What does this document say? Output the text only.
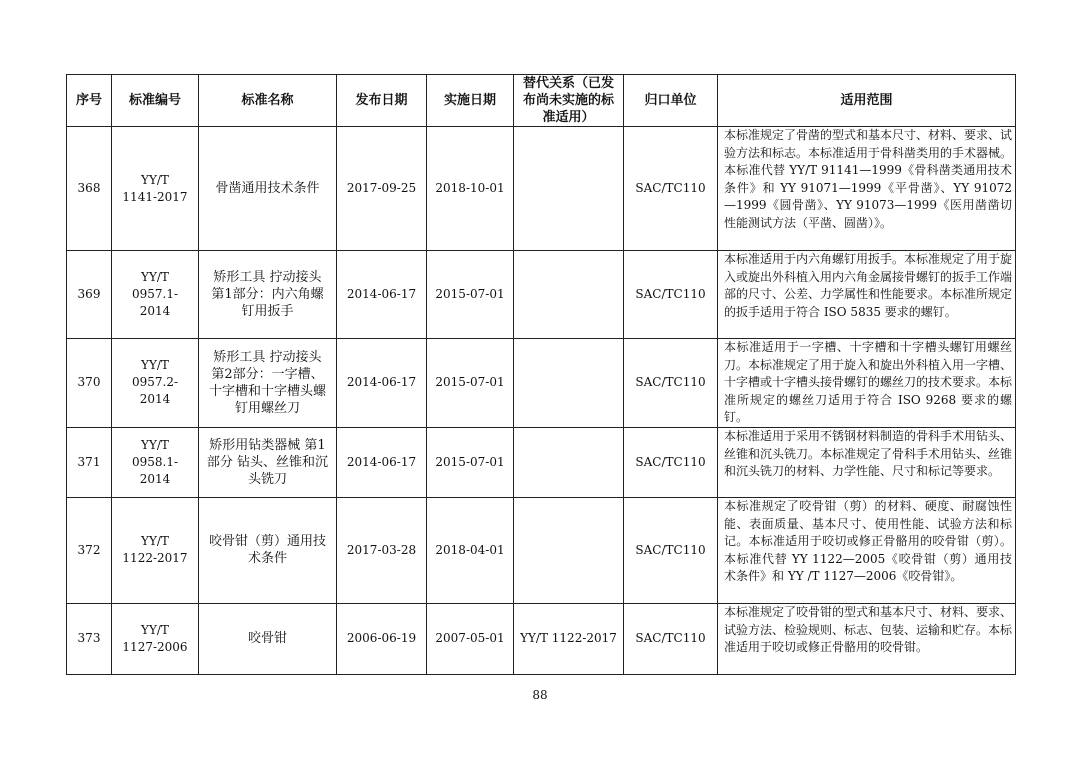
序号	标准编号	标准名称	发布日期	实施日期	替代关系（已发布尚未实施的标准适用）	归口单位	适用范围
368	YY/T 1141-2017	骨凿通用技术条件	2017-09-25	2018-10-01		SAC/TC110	本标准规定了骨凿的型式和基本尺寸、材料、要求、试验方法和标志。本标准适用于骨科凿类用的手术器械。本标准代替 YY/T 91141—1999《骨科凿类通用技术条件》和 YY 91071—1999《平骨凿》、YY 91072—1999《圆骨凿》、YY 91073—1999《医用凿凿切性能测试方法（平凿、圆凿）》。
369	YY/T 0957.1-2014	矫形工具 拧动接头 第1部分：内六角螺钉用扳手	2014-06-17	2015-07-01		SAC/TC110	本标准适用于内六角螺钉用扳手。本标准规定了用于旋入或旋出外科植入用内六角金属接骨螺钉的扳手工作端部的尺寸、公差、力学属性和性能要求。本标准所规定的扳手适用于符合 ISO 5835 要求的螺钉。
370	YY/T 0957.2-2014	矫形工具 拧动接头 第2部分：一字槽、十字槽和十字槽头螺钉用螺丝刀	2014-06-17	2015-07-01		SAC/TC110	本标准适用于一字槽、十字槽和十字槽头螺钉用螺丝刀。本标准规定了用于旋入和旋出外科植入用一字槽、十字槽或十字槽头接骨螺钉的螺丝刀的技术要求。本标准所规定的螺丝刀适用于符合 ISO 9268 要求的螺钉。
371	YY/T 0958.1-2014	矫形用钻类器械 第1部分 钻头、丝锥和沉头铣刀	2014-06-17	2015-07-01		SAC/TC110	本标准适用于采用不锈钢材料制造的骨科手术用钻头、丝锥和沉头铣刀。本标准规定了骨科手术用钻头、丝锥和沉头铣刀的材料、力学性能、尺寸和标记等要求。
372	YY/T 1122-2017	咬骨钳（剪）通用技术条件	2017-03-28	2018-04-01		SAC/TC110	本标准规定了咬骨钳（剪）的材料、硬度、耐腐蚀性能、表面质量、基本尺寸、使用性能、试验方法和标记。本标准适用于咬切或修正骨骼用的咬骨钳（剪）。本标准代替 YY 1122—2005《咬骨钳（剪）通用技术条件》和 YY /T 1127—2006《咬骨钳》。
373	YY/T 1127-2006	咬骨钳	2006-06-19	2007-05-01	YY/T 1122-2017	SAC/TC110	本标准规定了咬骨钳的型式和基本尺寸、材料、要求、试验方法、检验规则、标志、包装、运输和贮存。本标准适用于咬切或修正骨骼用的咬骨钳。
88
